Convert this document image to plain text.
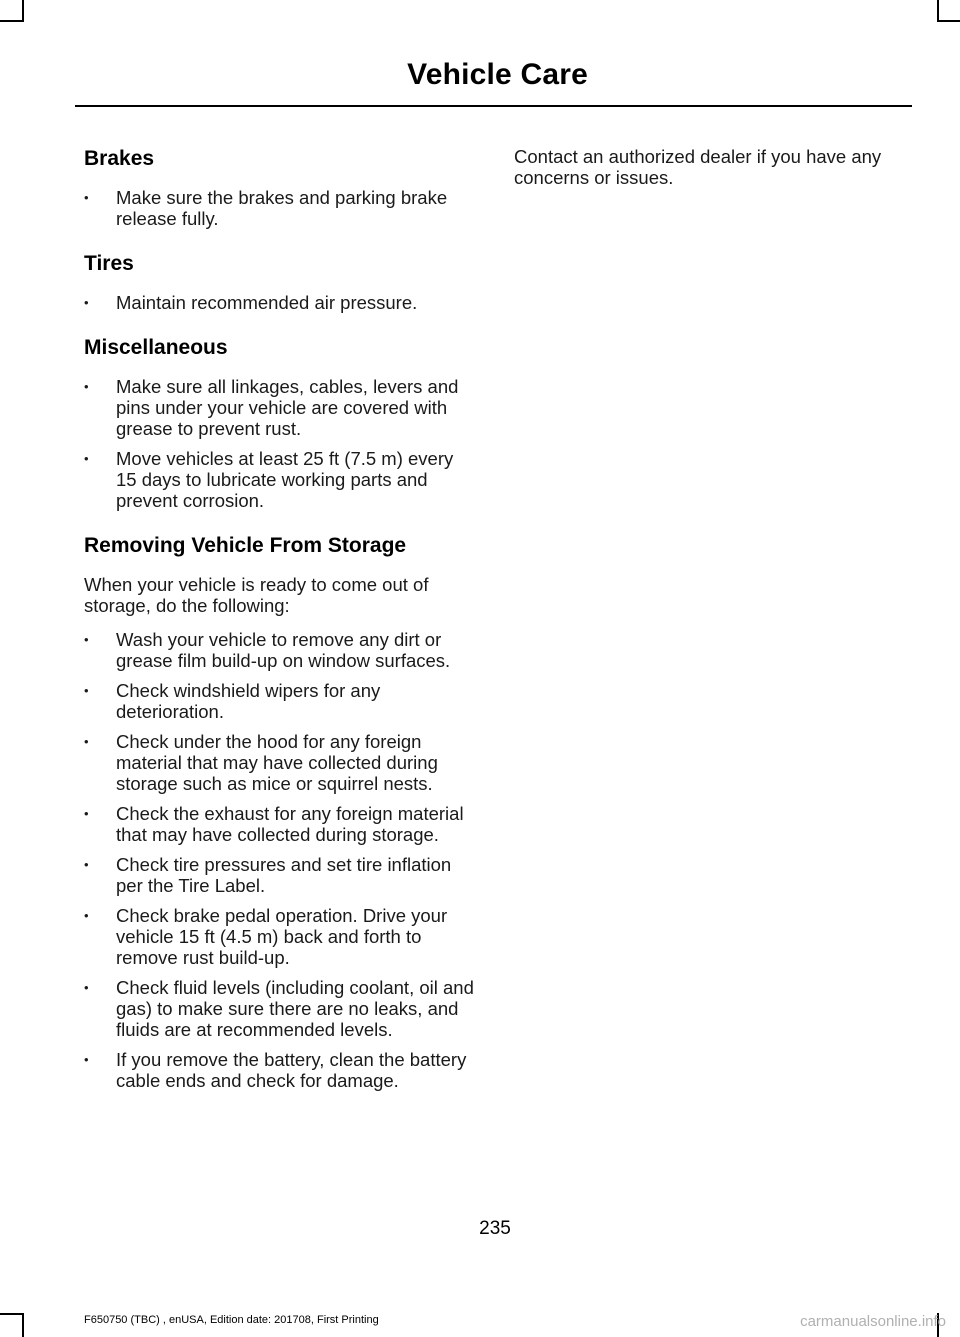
Vehicle Care
Brakes
• Make sure the brakes and parking brake release fully.
Tires
• Maintain recommended air pressure.
Miscellaneous
• Make sure all linkages, cables, levers and pins under your vehicle are covered with grease to prevent rust.
• Move vehicles at least 25 ft (7.5 m) every 15 days to lubricate working parts and prevent corrosion.
Removing Vehicle From Storage

When your vehicle is ready to come out of storage, do the following:

• Wash your vehicle to remove any dirt or grease film build-up on window surfaces.
• Check windshield wipers for any deterioration.
• Check under the hood for any foreign material that may have collected during storage such as mice or squirrel nests.
• Check the exhaust for any foreign material that may have collected during storage.
• Check tire pressures and set tire inflation per the Tire Label.
• Check brake pedal operation. Drive your vehicle 15 ft (4.5 m) back and forth to remove rust build-up.
• Check fluid levels (including coolant, oil and gas) to make sure there are no leaks, and fluids are at recommended levels.
• If you remove the battery, clean the battery cable ends and check for damage.

Contact an authorized dealer if you have any concerns or issues.

235
F650750 (TBC) , enUSA, Edition date: 201708, First Printing	carmanualsonline.info
